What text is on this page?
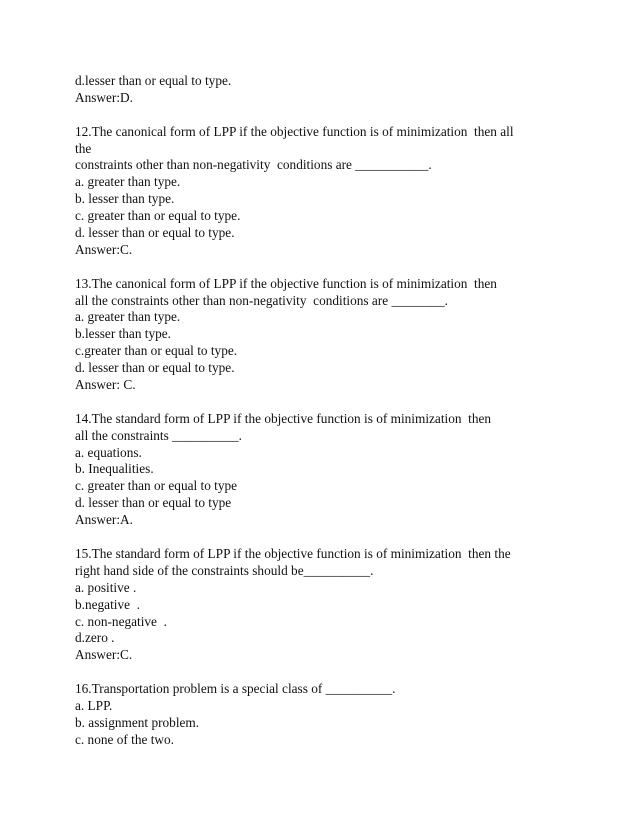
d.lesser than or equal to type.
Answer:D.
12.The canonical form of LPP if the objective function is of minimization  then all
the
constraints other than non-negativity  conditions are ___________.
a. greater than type.
b. lesser than type.
c. greater than or equal to type.
d. lesser than or equal to type.
Answer:C.
13.The canonical form of LPP if the objective function is of minimization  then
all the constraints other than non-negativity  conditions are ________.
a. greater than type.
b.lesser than type.
c.greater than or equal to type.
d. lesser than or equal to type.
Answer: C.
14.The standard form of LPP if the objective function is of minimization  then
all the constraints __________.
a. equations.
b. Inequalities.
c. greater than or equal to type
d. lesser than or equal to type
Answer:A.
15.The standard form of LPP if the objective function is of minimization  then the
right hand side of the constraints should be__________.
a. positive .
b.negative  .
c. non-negative  .
d.zero .
Answer:C.
16.Transportation problem is a special class of __________.
a. LPP.
b. assignment problem.
c. none of the two.
